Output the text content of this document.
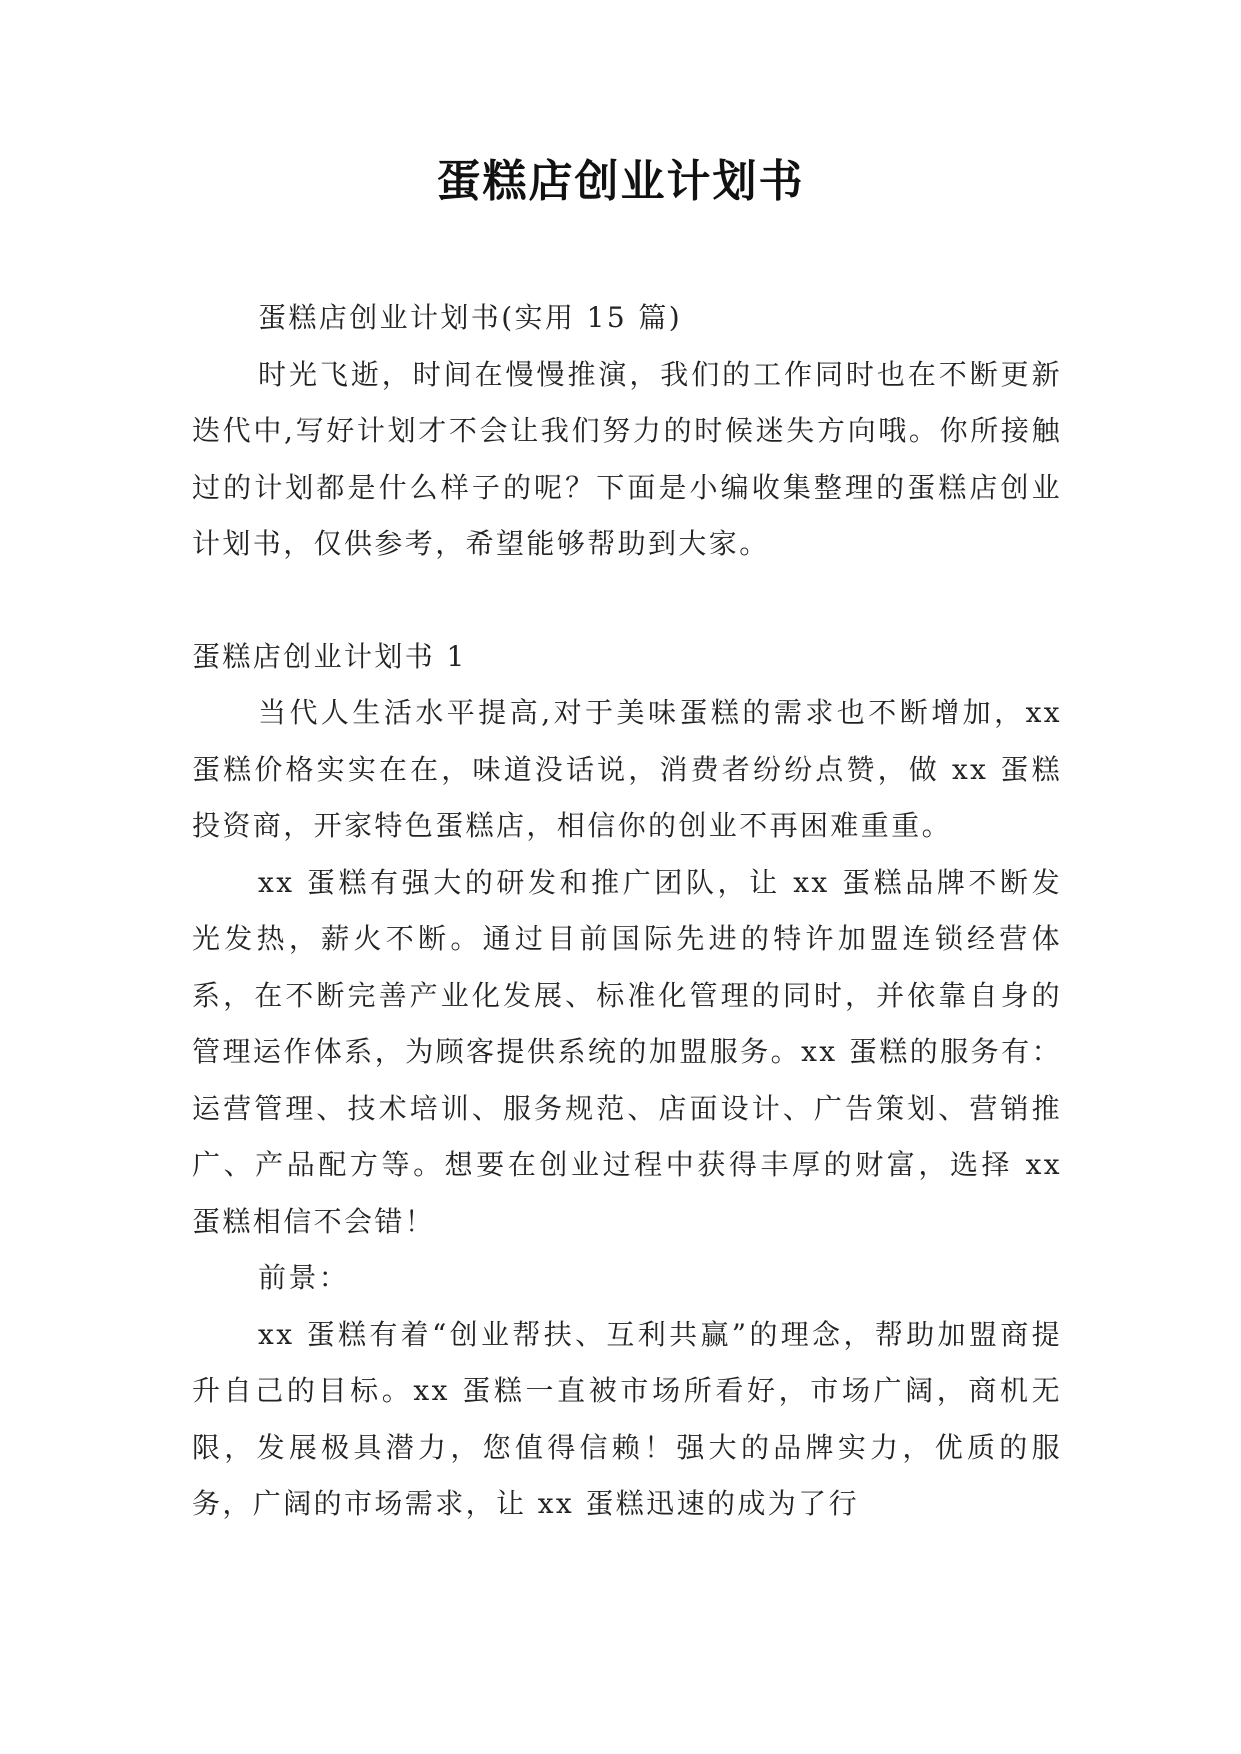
蛋糕店创业计划书

蛋糕店创业计划书(实用 15 篇)

时光飞逝，时间在慢慢推演，我们的工作同时也在不断更新迭代中,写好计划才不会让我们努力的时候迷失方向哦。你所接触过的计划都是什么样子的呢？下面是小编收集整理的蛋糕店创业计划书，仅供参考，希望能够帮助到大家。

蛋糕店创业计划书 1

当代人生活水平提高,对于美味蛋糕的需求也不断增加，xx 蛋糕价格实实在在，味道没话说，消费者纷纷点赞，做 xx 蛋糕投资商，开家特色蛋糕店，相信你的创业不再困难重重。

xx 蛋糕有强大的研发和推广团队，让 xx 蛋糕品牌不断发光发热，薪火不断。通过目前国际先进的特许加盟连锁经营体系，在不断完善产业化发展、标准化管理的同时，并依靠自身的管理运作体系，为顾客提供系统的加盟服务。xx 蛋糕的服务有：运营管理、技术培训、服务规范、店面设计、广告策划、营销推广、产品配方等。想要在创业过程中获得丰厚的财富，选择 xx 蛋糕相信不会错！

前景：

xx 蛋糕有着“创业帮扶、互利共赢”的理念，帮助加盟商提升自己的目标。xx 蛋糕一直被市场所看好，市场广阔，商机无限，发展极具潜力，您值得信赖！强大的品牌实力，优质的服务，广阔的市场需求，让 xx 蛋糕迅速的成为了行
